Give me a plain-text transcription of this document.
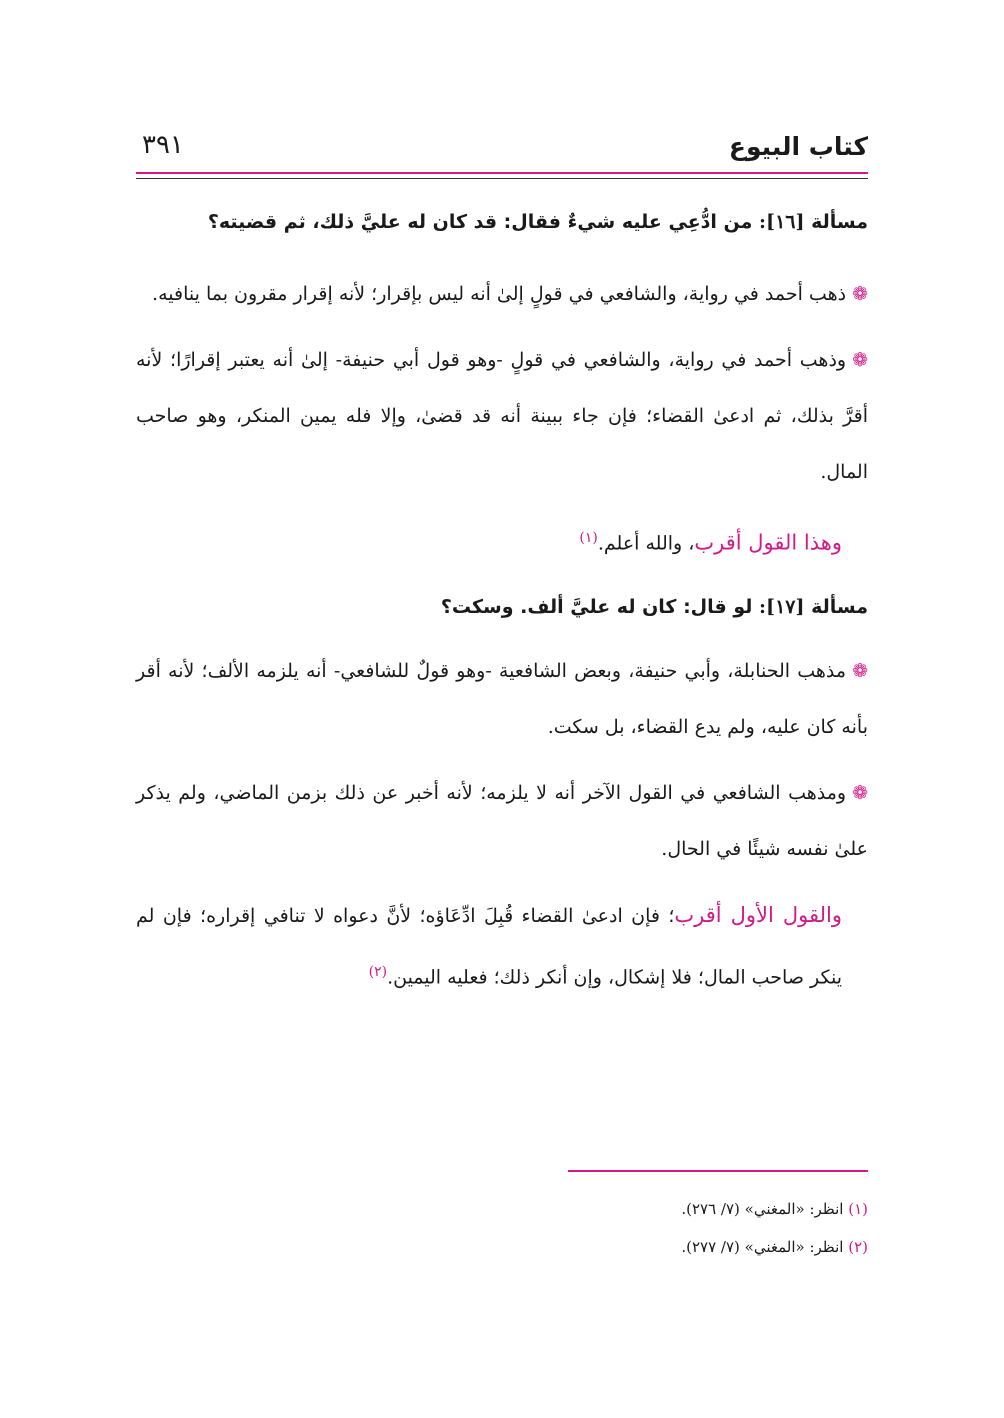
كتاب البيوع
٣٩١
مسألة [١٦]: من ادُّعِي عليه شيءٌ فقال: قد كان له عليَّ ذلك، ثم قضيته؟
❁ذهب أحمد في رواية، والشافعي في قولٍ إلىٰ أنه ليس بإقرار؛ لأنه إقرار مقرون بما ينافيه.
❁وذهب أحمد في رواية، والشافعي في قولٍ -وهو قول أبي حنيفة- إلىٰ أنه يعتبر إقرارًا؛ لأنه أقرَّ بذلك، ثم ادعىٰ القضاء؛ فإن جاء ببينة أنه قد قضىٰ، وإلا فله يمين المنكر، وهو صاحب المال.
وهذا القول أقرب، والله أعلم.$^{(١)}$
مسألة [١٧]: لو قال: كان له عليَّ ألف. وسكت؟
❁مذهب الحنابلة، وأبي حنيفة، وبعض الشافعية -وهو قولٌ للشافعي- أنه يلزمه الألف؛ لأنه أقر بأنه كان عليه، ولم يدع القضاء، بل سكت.
❁ومذهب الشافعي في القول الآخر أنه لا يلزمه؛ لأنه أخبر عن ذلك بزمن الماضي، ولم يذكر علىٰ نفسه شيئًا في الحال.
والقول الأول أقرب؛ فإن ادعىٰ القضاء قُبِلَ ادِّعَاؤه؛ لأنَّ دعواه لا تنافي إقراره؛ فإن لم ينكر صاحب المال؛ فلا إشكال، وإن أنكر ذلك؛ فعليه اليمين.$^{(٢)}$
(١) انظر: «المغني» (٧/ ٢٧٦).
(٢) انظر: «المغني» (٧/ ٢٧٧).
